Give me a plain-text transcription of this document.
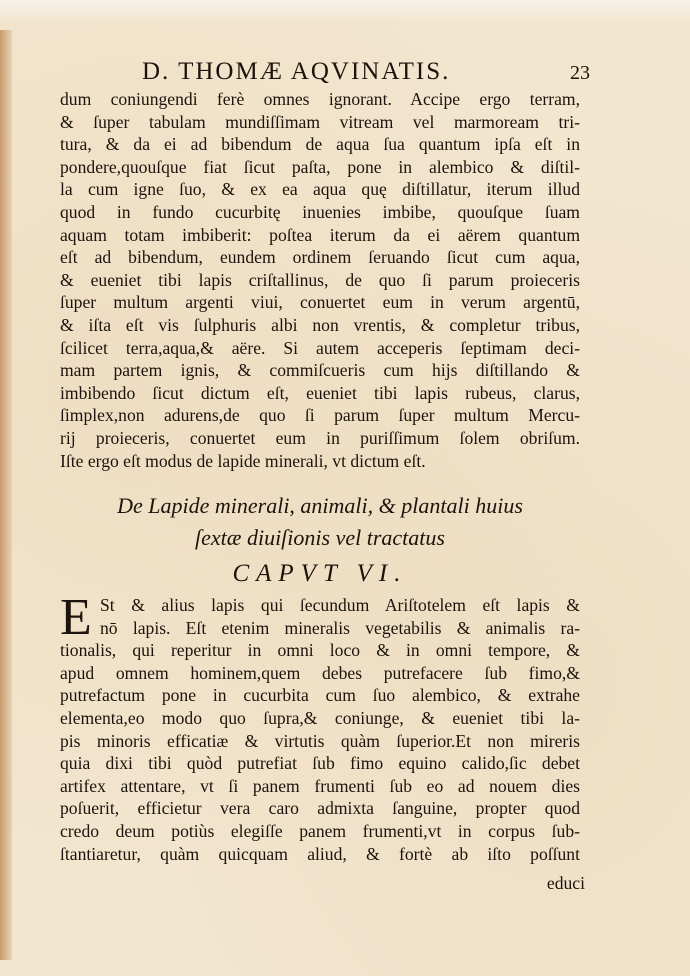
D. THOMÆ AQVINATIS.	23
dum coniungendi ferè omnes ignorant. Accipe ergo terram,
& ſuper tabulam mundiſſimam vitream vel marmoream tri-
tura, & da ei ad bibendum de aqua ſua quantum ipſa eſt in
pondere,quouſque fiat ſicut paſta, pone in alembico & diſtil-
la cum igne ſuo, & ex ea aqua quę diſtillatur, iterum illud
quod in fundo cucurbitę inuenies imbibe, quouſque ſuam
aquam totam imbiberit: poſtea iterum da ei aërem quantum
eſt ad bibendum, eundem ordinem ſeruando ſicut cum aqua,
& eueniet tibi lapis criſtallinus, de quo ſi parum proieceris
ſuper multum argenti viui, conuertet eum in verum argentū,
& iſta eſt vis ſulphuris albi non vrentis, & completur tribus,
ſcilicet terra,aqua,& aëre. Si autem acceperis ſeptimam deci-
mam partem ignis, & commiſcueris cum hijs diſtillando &
imbibendo ſicut dictum eſt, eueniet tibi lapis rubeus, clarus,
ſimplex,non adurens,de quo ſi parum ſuper multum Mercu-
rij proieceris, conuertet eum in puriſſimum ſolem obriſum.
Iſte ergo eſt modus de lapide minerali, vt dictum eſt.
De Lapide minerali, animali, & plantali huius
ſextæ diuiſionis vel tractatus
CAPVT VI.
E St & alius lapis qui ſecundum Ariſtotelem eſt lapis &
nō lapis. Eſt etenim mineralis vegetabilis & animalis ra-
tionalis, qui reperitur in omni loco & in omni tempore, &
apud omnem hominem,quem debes putrefacere ſub fimo,&
putrefactum pone in cucurbita cum ſuo alembico, & extrahe
elementa,eo modo quo ſupra,& coniunge, & eueniet tibi la-
pis minoris efficatiæ & virtutis quàm ſuperior.Et non mireris
quia dixi tibi quòd putrefiat ſub fimo equino calido,ſic debet
artifex attentare, vt ſi panem frumenti ſub eo ad nouem dies
poſuerit, efficietur vera caro admixta ſanguine, propter quod
credo deum potiùs elegiſſe panem frumenti,vt in corpus ſub-
ſtantiaretur, quàm quicquam aliud, & fortè ab iſto poſſunt
educi
